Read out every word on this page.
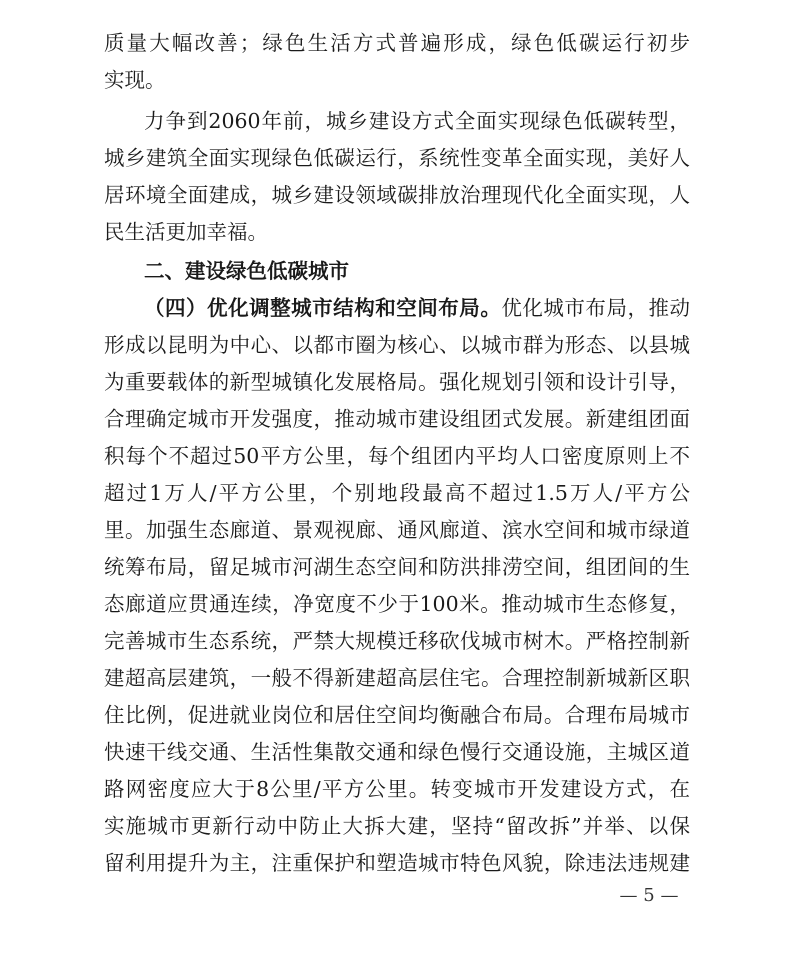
质量大幅改善；绿色生活方式普遍形成，绿色低碳运行初步
实现。
力争到2060年前，城乡建设方式全面实现绿色低碳转型，
城乡建筑全面实现绿色低碳运行，系统性变革全面实现，美好人
居环境全面建成，城乡建设领域碳排放治理现代化全面实现，人
民生活更加幸福。
二、建设绿色低碳城市
（四）优化调整城市结构和空间布局。优化城市布局，推动
形成以昆明为中心、以都市圈为核心、以城市群为形态、以县城
为重要载体的新型城镇化发展格局。强化规划引领和设计引导，
合理确定城市开发强度，推动城市建设组团式发展。新建组团面
积每个不超过50平方公里，每个组团内平均人口密度原则上不
超过1万人/平方公里，个别地段最高不超过1.5万人/平方公
里。加强生态廊道、景观视廊、通风廊道、滨水空间和城市绿道
统筹布局，留足城市河湖生态空间和防洪排涝空间，组团间的生
态廊道应贯通连续，净宽度不少于100米。推动城市生态修复，
完善城市生态系统，严禁大规模迁移砍伐城市树木。严格控制新
建超高层建筑，一般不得新建超高层住宅。合理控制新城新区职
住比例，促进就业岗位和居住空间均衡融合布局。合理布局城市
快速干线交通、生活性集散交通和绿色慢行交通设施，主城区道
路网密度应大于8公里/平方公里。转变城市开发建设方式，在
实施城市更新行动中防止大拆大建，坚持“留改拆”并举、以保
留利用提升为主，注重保护和塑造城市特色风貌，除违法违规建
— 5 —
